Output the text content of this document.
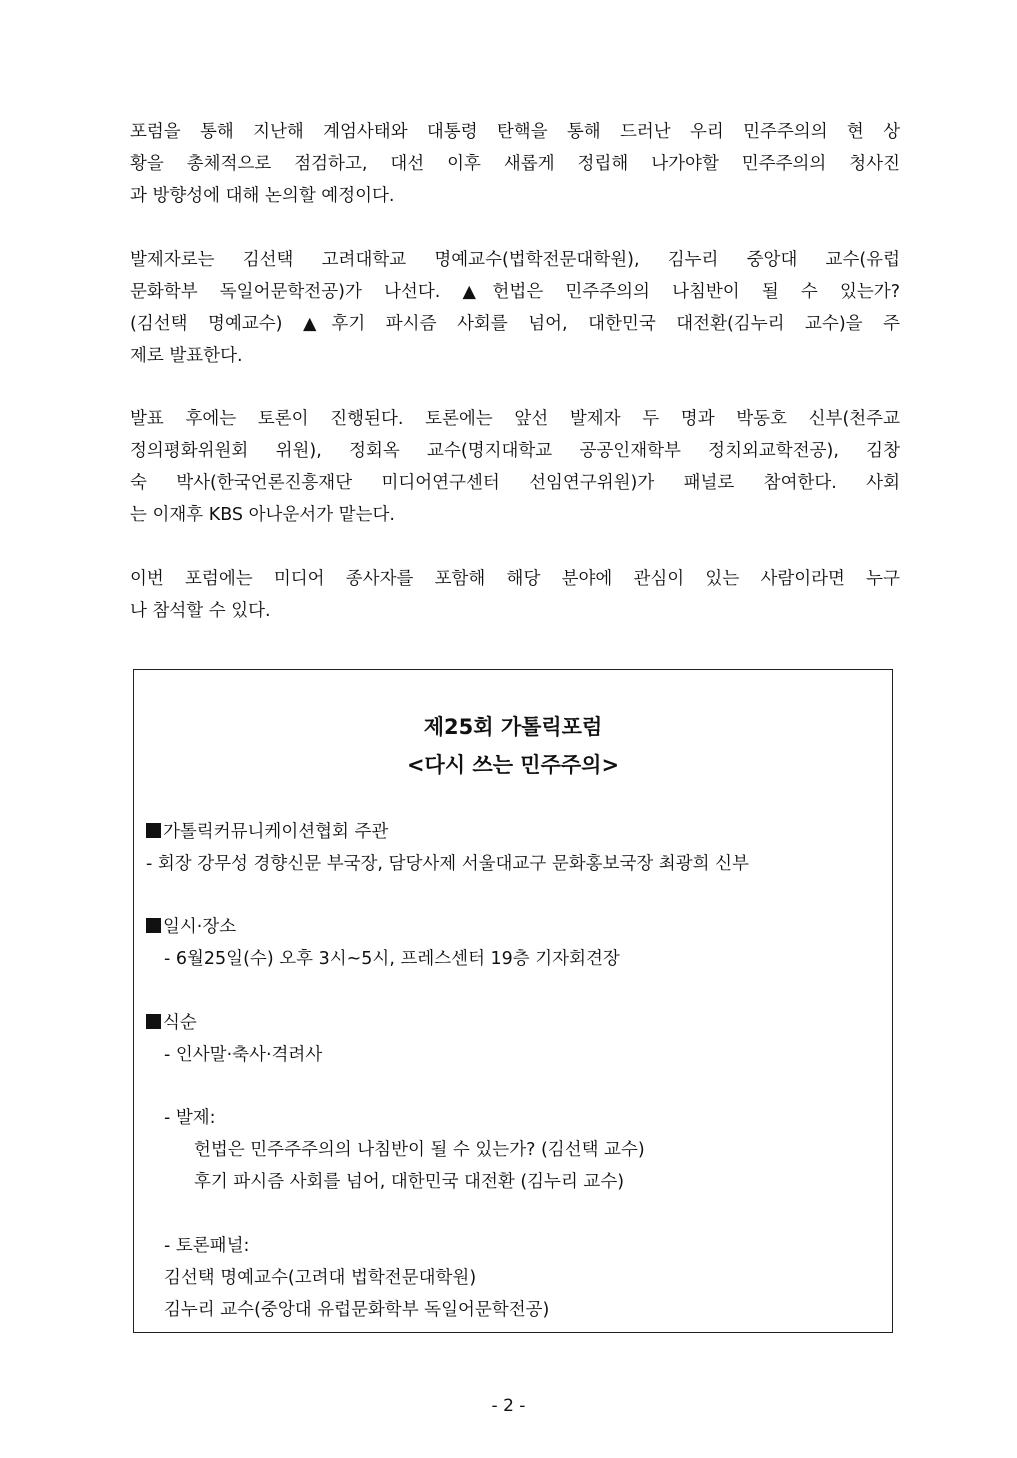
포럼을 통해 지난해 계엄사태와 대통령 탄핵을 통해 드러난 우리 민주주의의 현 상
황을 총체적으로 점검하고, 대선 이후 새롭게 정립해 나가야할 민주주의의 청사진
과 방향성에 대해 논의할 예정이다.
발제자로는 김선택 고려대학교 명예교수(법학전문대학원), 김누리 중앙대 교수(유럽
문화학부 독일어문학전공)가 나선다. ▲헌법은 민주주의의 나침반이 될 수 있는가?
(김선택 명예교수) ▲후기 파시즘 사회를 넘어, 대한민국 대전환(김누리 교수)을 주
제로 발표한다.
발표 후에는 토론이 진행된다. 토론에는 앞선 발제자 두 명과 박동호 신부(천주교
정의평화위원회 위원), 정회옥 교수(명지대학교 공공인재학부 정치외교학전공), 김창
숙 박사(한국언론진흥재단 미디어연구센터 선임연구위원)가 패널로 참여한다. 사회
는 이재후 KBS 아나운서가 맡는다.
이번 포럼에는 미디어 종사자를 포함해 해당 분야에 관심이 있는 사람이라면 누구
나 참석할 수 있다.

제25회 가톨릭포럼

<다시 쓰는 민주주의>

가톨릭커뮤니케이션협회 주관

- 회장 강무성 경향신문 부국장, 담당사제 서울대교구 문화홍보국장 최광희 신부

일시·장소

- 6월25일(수) 오후 3시~5시, 프레스센터 19층 기자회견장

식순

- 인사말·축사·격려사

- 발제:

헌법은 민주주주의의 나침반이 될 수 있는가? (김선택 교수)

후기 파시즘 사회를 넘어, 대한민국 대전환 (김누리 교수)

- 토론패널:

김선택 명예교수(고려대 법학전문대학원)

김누리 교수(중앙대 유럽문화학부 독일어문학전공)

- 2 -
